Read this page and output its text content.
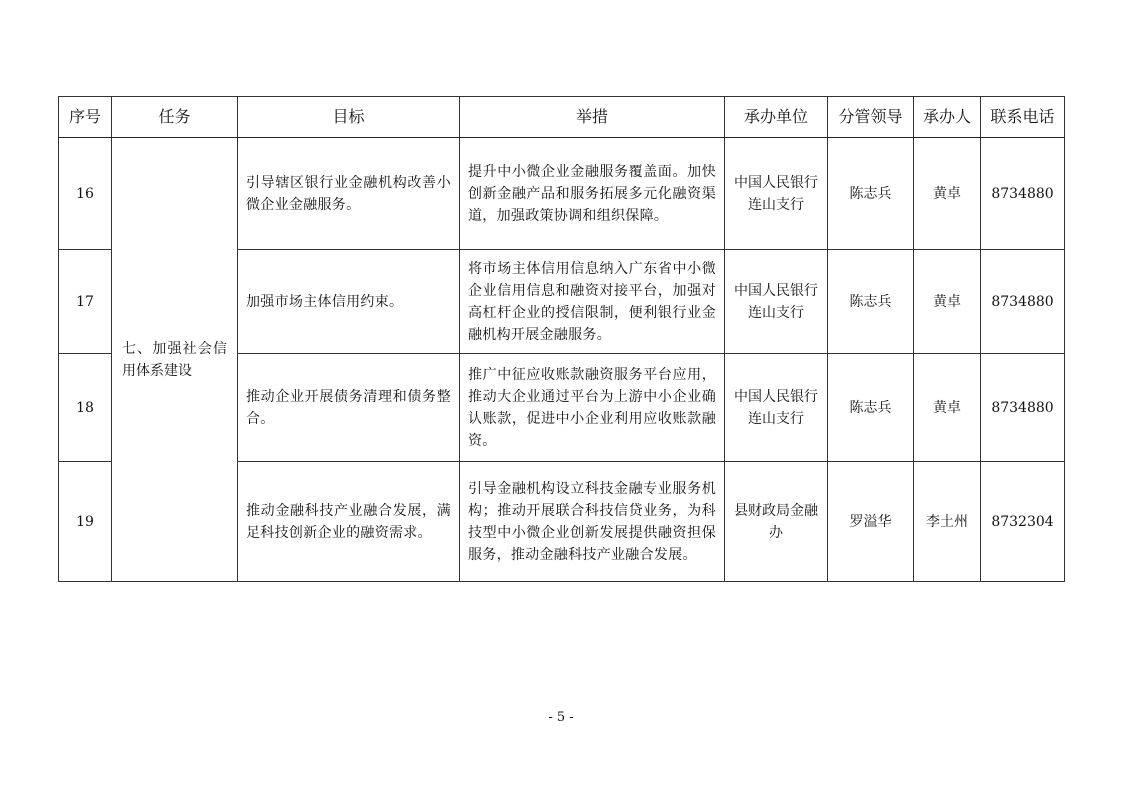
序号	任务	目标	举措	承办单位	分管领导	承办人	联系电话
16	七、加强社会信用体系建设	引导辖区银行业金融机构改善小微企业金融服务。	提升中小微企业金融服务覆盖面。加快创新金融产品和服务拓展多元化融资渠道，加强政策协调和组织保障。	中国人民银行连山支行	陈志兵	黄卓	8734880
17		加强市场主体信用约束。	将市场主体信用信息纳入广东省中小微企业信用信息和融资对接平台，加强对高杠杆企业的授信限制，便利银行业金融机构开展金融服务。	中国人民银行连山支行	陈志兵	黄卓	8734880
18		推动企业开展债务清理和债务整合。	推广中征应收账款融资服务平台应用，推动大企业通过平台为上游中小企业确认账款，促进中小企业利用应收账款融资。	中国人民银行连山支行	陈志兵	黄卓	8734880
19		推动金融科技产业融合发展，满足科技创新企业的融资需求。	引导金融机构设立科技金融专业服务机构；推动开展联合科技信贷业务，为科技型中小微企业创新发展提供融资担保服务，推动金融科技产业融合发展。	县财政局金融办	罗溢华	李土州	8732304
- 5 -
